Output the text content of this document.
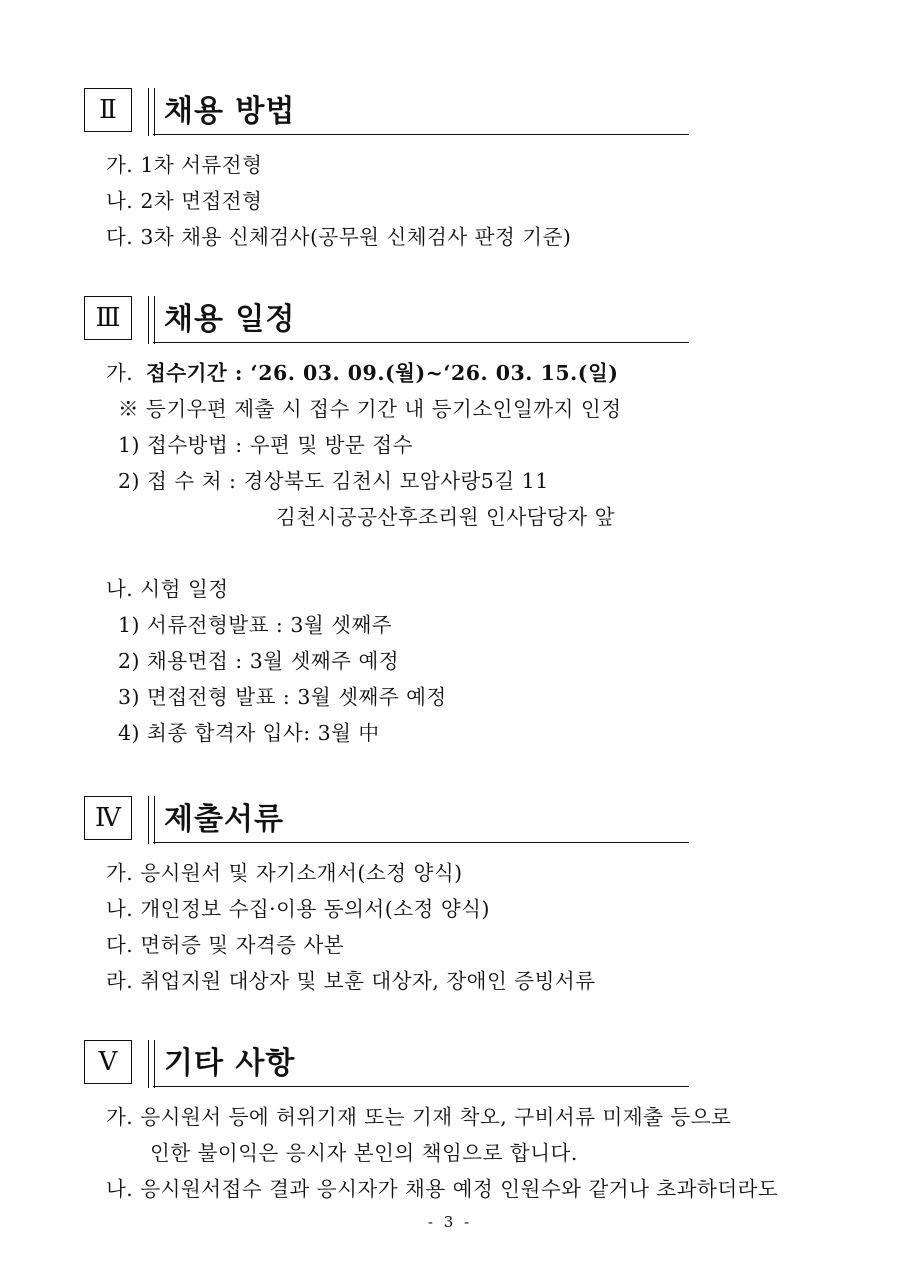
Ⅱ	채용 방법
가. 1차 서류전형
나. 2차 면접전형
다. 3차 채용 신체검사(공무원 신체검사 판정 기준)
Ⅲ	채용 일정
가. 접수기간 : ‘26. 03. 09.(월)~‘26. 03. 15.(일)
※ 등기우편 제출 시 접수 기간 내 등기소인일까지 인정
1) 접수방법 : 우편 및 방문 접수
2) 접 수 처 : 경상북도 김천시 모암사랑5길 11
김천시공공산후조리원 인사담당자 앞
나. 시험 일정
1) 서류전형발표 : 3월 셋째주
2) 채용면접 : 3월 셋째주 예정
3) 면접전형 발표 : 3월 셋째주 예정
4) 최종 합격자 입사: 3월 中
Ⅳ	제출서류
가. 응시원서 및 자기소개서(소정 양식)
나. 개인정보 수집·이용 동의서(소정 양식)
다. 면허증 및 자격증 사본
라. 취업지원 대상자 및 보훈 대상자, 장애인 증빙서류
Ⅴ	기타 사항
가. 응시원서 등에 허위기재 또는 기재 착오, 구비서류 미제출 등으로
인한 불이익은 응시자 본인의 책임으로 합니다.
나. 응시원서접수 결과 응시자가 채용 예정 인원수와 같거나 초과하더라도
- 3 -
